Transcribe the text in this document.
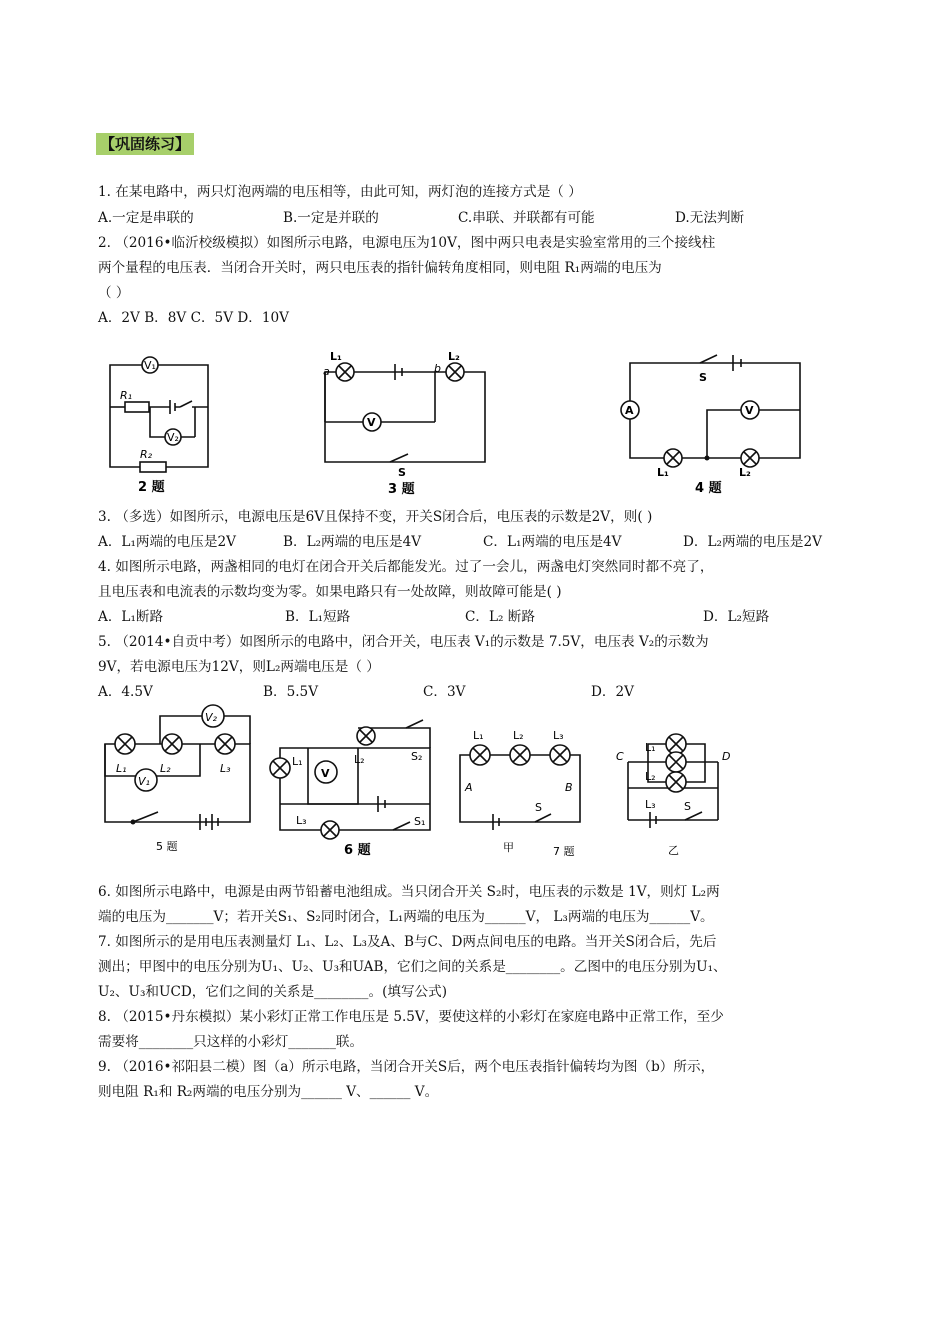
【巩固练习】
1. 在某电路中，两只灯泡两端的电压相等，由此可知，两灯泡的连接方式是（ ）
A.一定是串联的	B.一定是并联的	C.串联、并联都有可能	D.无法判断
2. （2016•临沂校级模拟）如图所示电路，电源电压为10V，图中两只电表是实验室常用的三个接线柱
两个量程的电压表．当闭合开关时，两只电压表的指针偏转角度相同，则电阻 R₁两端的电压为
（ ）
A．2V B．8V C．5V D．10V
V₁
V₂
R₁
R₂
2 题
L₁
a
L₂
b
V
S
3 题
S
A	V
L₁	L₂
4 题
3. （多选）如图所示，电源电压是6V且保持不变，开关S闭合后，电压表的示数是2V，则( )
A．L₁两端的电压是2V	B．L₂两端的电压是4V	C．L₁两端的电压是4V	D．L₂两端的电压是2V
4. 如图所示电路，两盏相同的电灯在闭合开关后都能发光。过了一会儿，两盏电灯突然同时都不亮了，
且电压表和电流表的示数均变为零。如果电路只有一处故障，则故障可能是( )
A．L₁断路	B．L₁短路	C．L₂ 断路	D．L₂短路
5. （2014•自贡中考）如图所示的电路中，闭合开关，电压表 V₁的示数是 7.5V，电压表 V₂的示数为
9V，若电源电压为12V，则L₂两端电压是（ ）
A．4.5V	B．5.5V	C．3V	D．2V
V₂
V₁
L₁	L₂	L₃
5 题
L₁
V
L₂	S₂
L₃	S₁
6 题
L₁	L₂	L₃
A	B
S
甲	7 题
L₁
L₂
C	D
L₃	S
乙
6. 如图所示电路中，电源是由两节铅蓄电池组成。当只闭合开关 S₂时，电压表的示数是 1V，则灯 L₂两
端的电压为_______V；若开关S₁、S₂同时闭合，L₁两端的电压为______V， L₃两端的电压为______V。
7. 如图所示的是用电压表测量灯 L₁、L₂、L₃及A、B与C、D两点间电压的电路。当开关S闭合后，先后
测出；甲图中的电压分别为U₁、U₂、U₃和UAB，它们之间的关系是________。乙图中的电压分别为U₁、
U₂、U₃和UCD，它们之间的关系是________。(填写公式)
8. （2015•丹东模拟）某小彩灯正常工作电压是 5.5V，要使这样的小彩灯在家庭电路中正常工作，至少
需要将________只这样的小彩灯_______联。
9. （2016•祁阳县二模）图（a）所示电路，当闭合开关S后，两个电压表指针偏转均为图（b）所示，
则电阻 R₁和 R₂两端的电压分别为______ V、______ V。
